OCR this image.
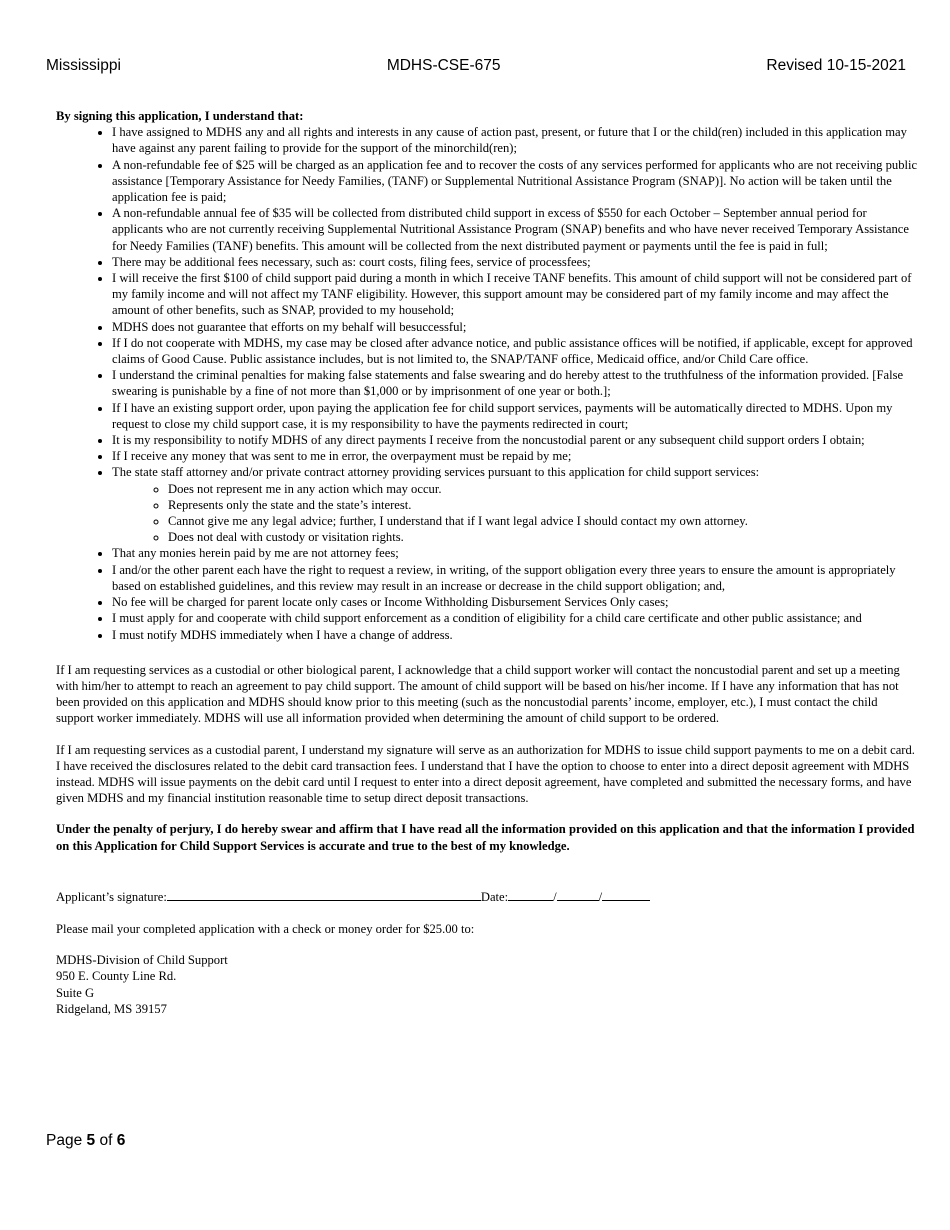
Mississippi	MDHS-CSE-675	Revised 10-15-2021
By signing this application, I understand that:
• I have assigned to MDHS any and all rights and interests in any cause of action past, present, or future that I or the child(ren) included in this application may have against any parent failing to provide for the support of the minorchild(ren);
• A non-refundable fee of $25 will be charged as an application fee and to recover the costs of any services performed for applicants who are not receiving public assistance [Temporary Assistance for Needy Families, (TANF) or Supplemental Nutritional Assistance Program (SNAP)]. No action will be taken until the application fee is paid;
• A non-refundable annual fee of $35 will be collected from distributed child support in excess of $550 for each October – September annual period for applicants who are not currently receiving Supplemental Nutritional Assistance Program (SNAP) benefits and who have never received Temporary Assistance for Needy Families (TANF) benefits. This amount will be collected from the next distributed payment or payments until the fee is paid in full;
• There may be additional fees necessary, such as: court costs, filing fees, service of processfees;
• I will receive the first $100 of child support paid during a month in which I receive TANF benefits. This amount of child support will not be considered part of my family income and will not affect my TANF eligibility. However, this support amount may be considered part of my family income and may affect the amount of other benefits, such as SNAP, provided to my household;
• MDHS does not guarantee that efforts on my behalf will besuccessful;
• If I do not cooperate with MDHS, my case may be closed after advance notice, and public assistance offices will be notified, if applicable, except for approved claims of Good Cause. Public assistance includes, but is not limited to, the SNAP/TANF office, Medicaid office, and/or Child Care office.
• I understand the criminal penalties for making false statements and false swearing and do hereby attest to the truthfulness of the information provided. [False swearing is punishable by a fine of not more than $1,000 or by imprisonment of one year or both.];
• If I have an existing support order, upon paying the application fee for child support services, payments will be automatically directed to MDHS. Upon my request to close my child support case, it is my responsibility to have the payments redirected in court;
• It is my responsibility to notify MDHS of any direct payments I receive from the noncustodial parent or any subsequent child support orders I obtain;
• If I receive any money that was sent to me in error, the overpayment must be repaid by me;
• The state staff attorney and/or private contract attorney providing services pursuant to this application for child support services:
◦ Does not represent me in any action which may occur.
◦ Represents only the state and the state’s interest.
◦ Cannot give me any legal advice; further, I understand that if I want legal advice I should contact my own attorney.
◦ Does not deal with custody or visitation rights.
• That any monies herein paid by me are not attorney fees;
• I and/or the other parent each have the right to request a review, in writing, of the support obligation every three years to ensure the amount is appropriately based on established guidelines, and this review may result in an increase or decrease in the child support obligation; and,
• No fee will be charged for parent locate only cases or Income Withholding Disbursement Services Only cases;
• I must apply for and cooperate with child support enforcement as a condition of eligibility for a child care certificate and other public assistance; and
• I must notify MDHS immediately when I have a change of address.

If I am requesting services as a custodial or other biological parent, I acknowledge that a child support worker will contact the noncustodial parent and set up a meeting with him/her to attempt to reach an agreement to pay child support. The amount of child support will be based on his/her income. If I have any information that has not been provided on this application and MDHS should know prior to this meeting (such as the noncustodial parents’ income, employer, etc.), I must contact the child support worker immediately. MDHS will use all information provided when determining the amount of child support to be ordered.

If I am requesting services as a custodial parent, I understand my signature will serve as an authorization for MDHS to issue child support payments to me on a debit card. I have received the disclosures related to the debit card transaction fees. I understand that I have the option to choose to enter into a direct deposit agreement with MDHS instead. MDHS will issue payments on the debit card until I request to enter into a direct deposit agreement, have completed and submitted the necessary forms, and have given MDHS and my financial institution reasonable time to setup direct deposit transactions.

Under the penalty of perjury, I do hereby swear and affirm that I have read all the information provided on this application and that the information I provided on this Application for Child Support Services is accurate and true to the best of my knowledge.

Applicant’s signature:	Date:	/	/

Please mail your completed application with a check or money order for $25.00 to:

MDHS-Division of Child Support
950 E. County Line Rd.
Suite G
Ridgeland, MS 39157
Page 5 of 6
